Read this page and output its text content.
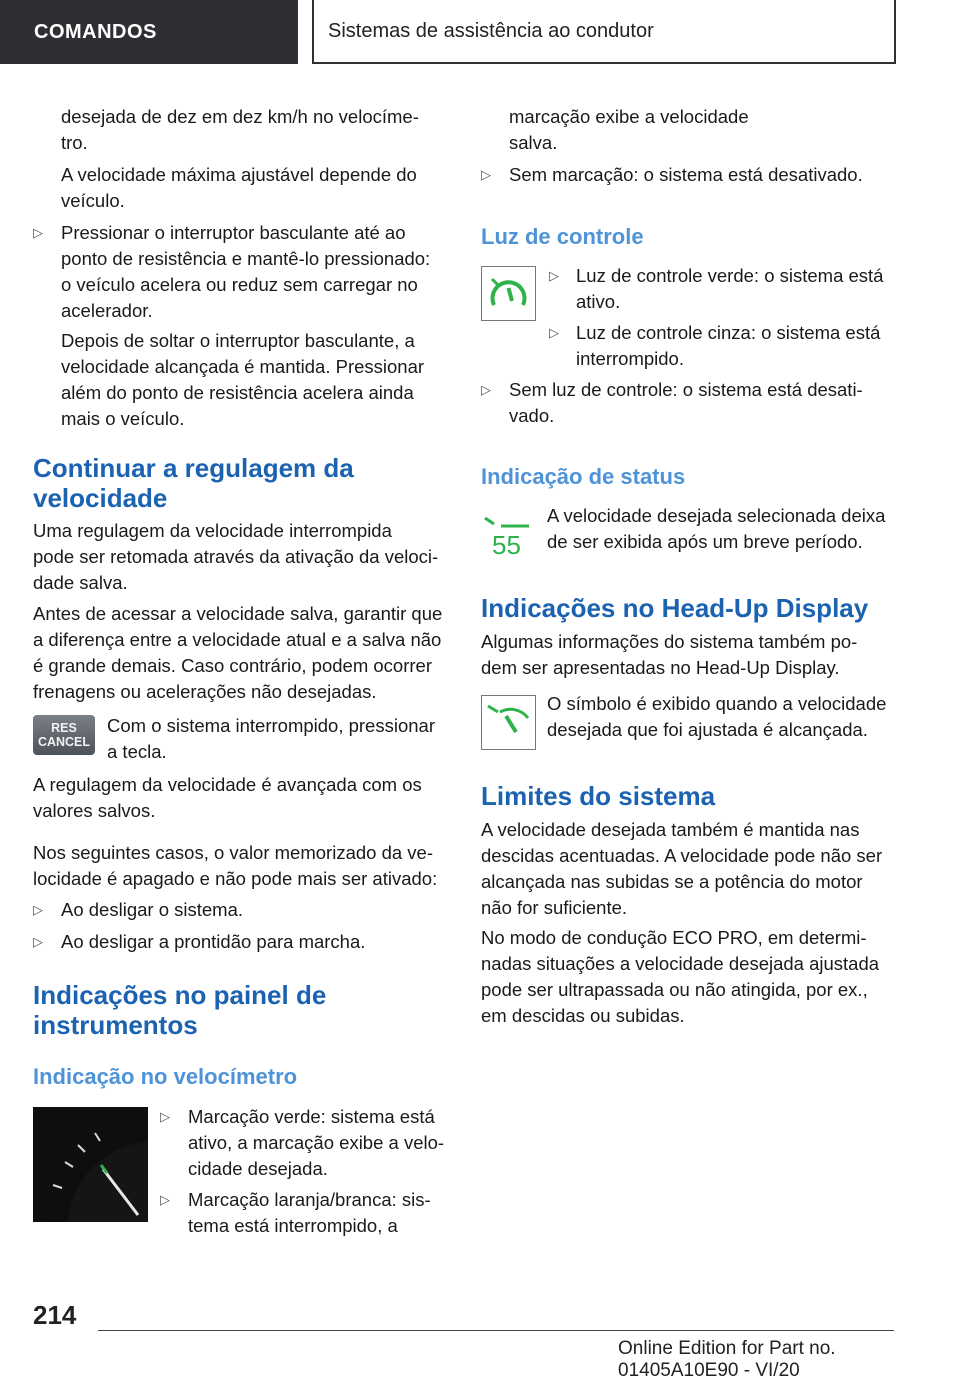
COMANDOS	Sistemas de assistência ao condutor

desejada de dez em dez km/h no velocíme-

tro.

A velocidade máxima ajustável depende do

veículo.

▷ Pressionar o interruptor basculante até ao

ponto de resistência e mantê-lo pressionado:

o veículo acelera ou reduz sem carregar no

acelerador.

Depois de soltar o interruptor basculante, a

velocidade alcançada é mantida. Pressionar

além do ponto de resistência acelera ainda

mais o veículo.

Continuar a regulagem da
velocidade

Uma regulagem da velocidade interrompida

pode ser retomada através da ativação da veloci-

dade salva.

Antes de acessar a velocidade salva, garantir que

a diferença entre a velocidade atual e a salva não

é grande demais. Caso contrário, podem ocorrer

frenagens ou acelerações não desejadas.

RES
CANCEL

Com o sistema interrompido, pressionar

a tecla.

A regulagem da velocidade é avançada com os

valores salvos.

Nos seguintes casos, o valor memorizado da ve-

locidade é apagado e não pode mais ser ativado:

▷ Ao desligar o sistema.

▷ Ao desligar a prontidão para marcha.

Indicações no painel de
instrumentos
Indicação no velocímetro
▷ Marcação verde: sistema está

ativo, a marcação exibe a velo-

cidade desejada.

▷ Marcação laranja/branca: sis-

tema está interrompido, a

marcação exibe a velocidade

salva.

▷ Sem marcação: o sistema está desativado.

Luz de controle
▷ Luz de controle verde: o sistema está

ativo.

▷ Luz de controle cinza: o sistema está

interrompido.

▷ Sem luz de controle: o sistema está desati-

vado.

Indicação de status
55

A velocidade desejada selecionada deixa

de ser exibida após um breve período.

Indicações no Head-Up Display

Algumas informações do sistema também po-

dem ser apresentadas no Head-Up Display.

O símbolo é exibido quando a velocidade

desejada que foi ajustada é alcançada.

Limites do sistema

A velocidade desejada também é mantida nas

descidas acentuadas. A velocidade pode não ser

alcançada nas subidas se a potência do motor

não for suficiente.

No modo de condução ECO PRO, em determi-

nadas situações a velocidade desejada ajustada

pode ser ultrapassada ou não atingida, por ex.,

em descidas ou subidas.

214
Online Edition for Part no. 01405A10E90 - VI/20
